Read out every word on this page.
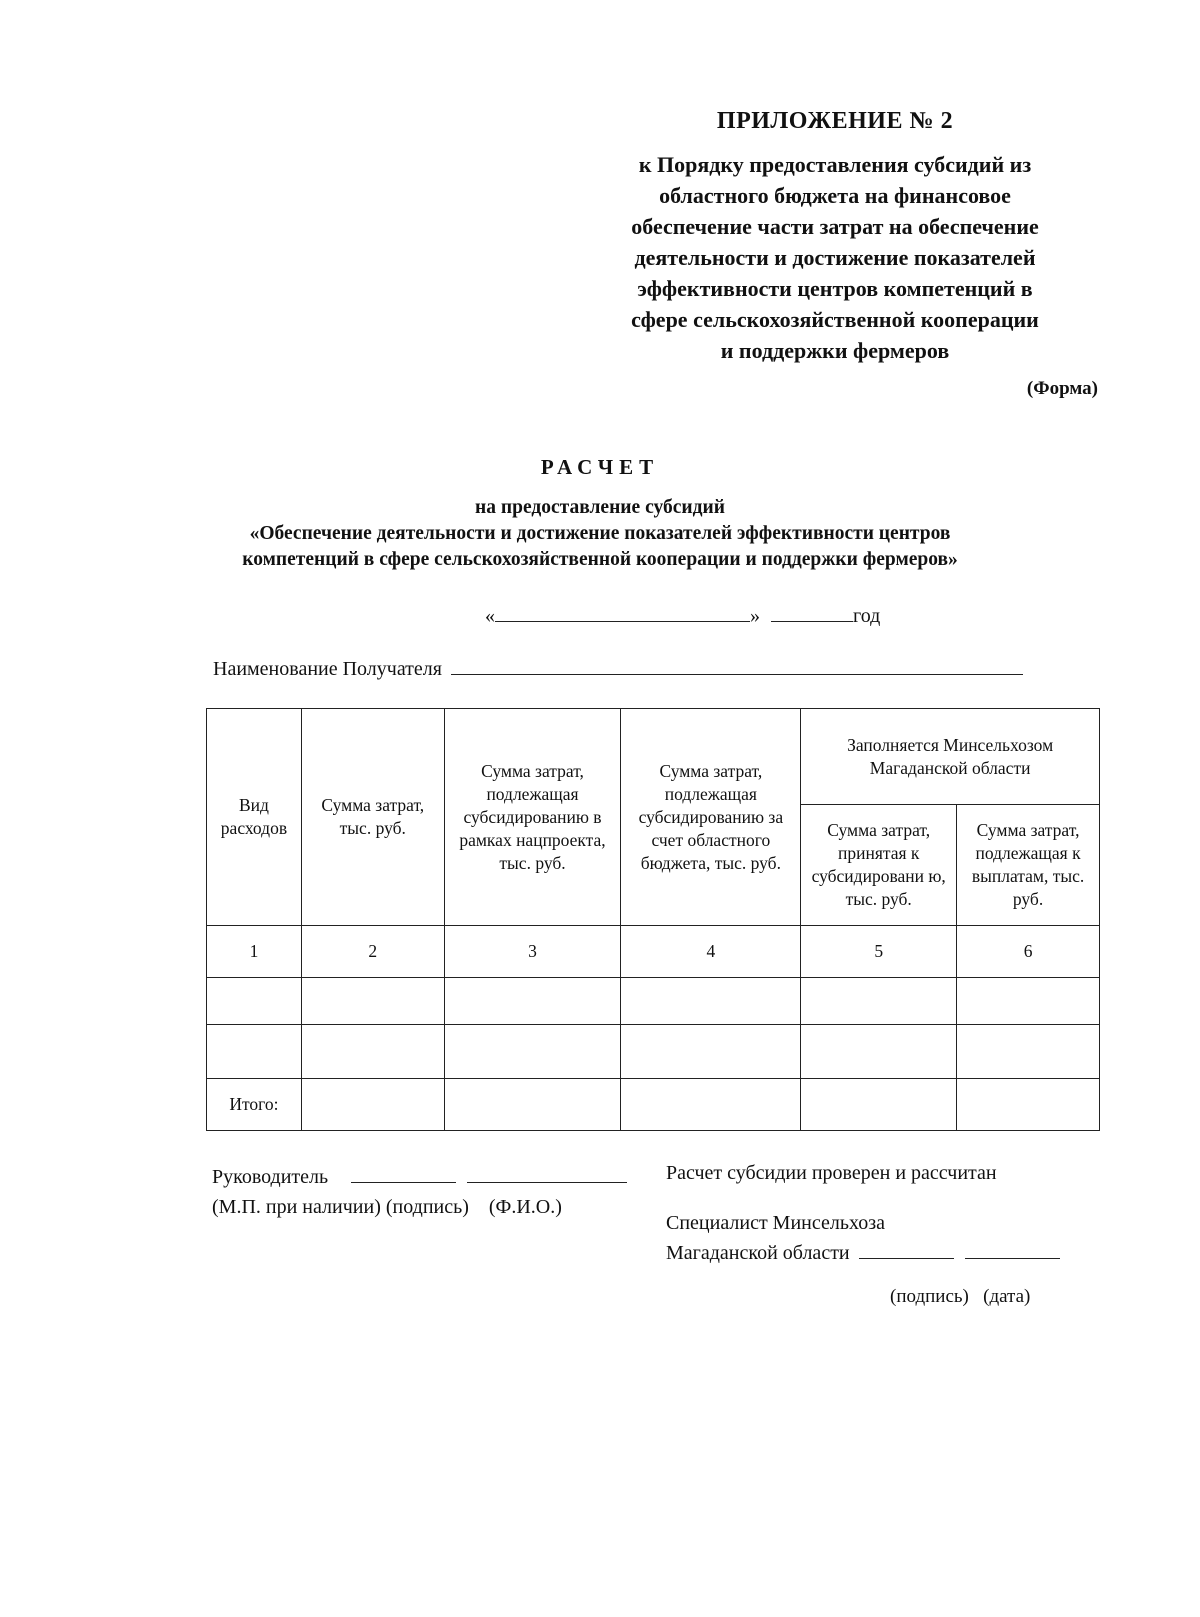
ПРИЛОЖЕНИЕ № 2
к Порядку предоставления субсидий из
областного бюджета на финансовое
обеспечение части затрат на обеспечение
деятельности и достижение показателей
эффективности центров компетенций в
сфере сельскохозяйственной кооперации
и поддержки фермеров
(Форма)
РАСЧЕТ
на предоставление субсидий
«Обеспечение деятельности и достижение показателей эффективности центров
компетенций в сфере сельскохозяйственной кооперации и поддержки фермеров»
«	»	год
Наименование Получателя
Вид расходов	Сумма затрат, тыс. руб.	Сумма затрат, подлежащая субсидированию в рамках нацпроекта, тыс. руб.	Сумма затрат, подлежащая субсидированию за счет областного бюджета, тыс. руб.	Заполняется Минсельхозом Магаданской области	
				Сумма затрат, принятая к субсидировани ю, тыс. руб.	Сумма затрат, подлежащая к выплатам, тыс. руб.
1	2	3	4	5	6

Итого:					
Руководитель
(М.П. при наличии) (подпись)    (Ф.И.О.)
Расчет субсидии проверен и рассчитан
Специалист Минсельхоза
Магаданской области
(подпись)   (дата)
